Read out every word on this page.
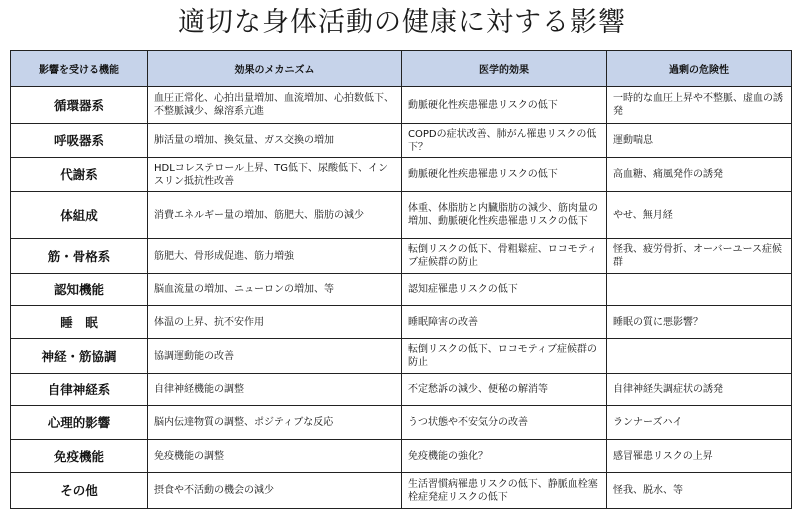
適切な身体活動の健康に対する影響
影響を受ける機能	効果のメカニズム	医学的効果	過剰の危険性
循環器系	血圧正常化、心拍出量増加、血流増加、心拍数低下、不整脈減少、線溶系亢進	動脈硬化性疾患罹患リスクの低下	一時的な血圧上昇や不整脈、虚血の誘発
呼吸器系	肺活量の増加、換気量、ガス交換の増加	COPDの症状改善、肺がん罹患リスクの低下？	運動喘息
代謝系	HDLコレステロール上昇、TG低下、尿酸低下、インスリン抵抗性改善	動脈硬化性疾患罹患リスクの低下	高血糖、痛風発作の誘発
体組成	消費エネルギー量の増加、筋肥大、脂肪の減少	体重、体脂肪と内臓脂肪の減少、筋肉量の増加、動脈硬化性疾患罹患リスクの低下	やせ、無月経
筋・骨格系	筋肥大、骨形成促進、筋力増強	転倒リスクの低下、骨粗鬆症、ロコモティブ症候群の防止	怪我、疲労骨折、オーバーユース症候群
認知機能	脳血流量の増加、ニューロンの増加、等	認知症罹患リスクの低下	
睡　眠	体温の上昇、抗不安作用	睡眠障害の改善	睡眠の質に悪影響？
神経・筋協調	協調運動能の改善	転倒リスクの低下、ロコモティブ症候群の防止	
自律神経系	自律神経機能の調整	不定愁訴の減少、便秘の解消等	自律神経失調症状の誘発
心理的影響	脳内伝達物質の調整、ポジティブな反応	うつ状態や不安気分の改善	ランナーズハイ
免疫機能	免疫機能の調整	免疫機能の強化？	感冒罹患リスクの上昇
その他	摂食や不活動の機会の減少	生活習慣病罹患リスクの低下、静脈血栓塞栓症発症リスクの低下	怪我、脱水、等
